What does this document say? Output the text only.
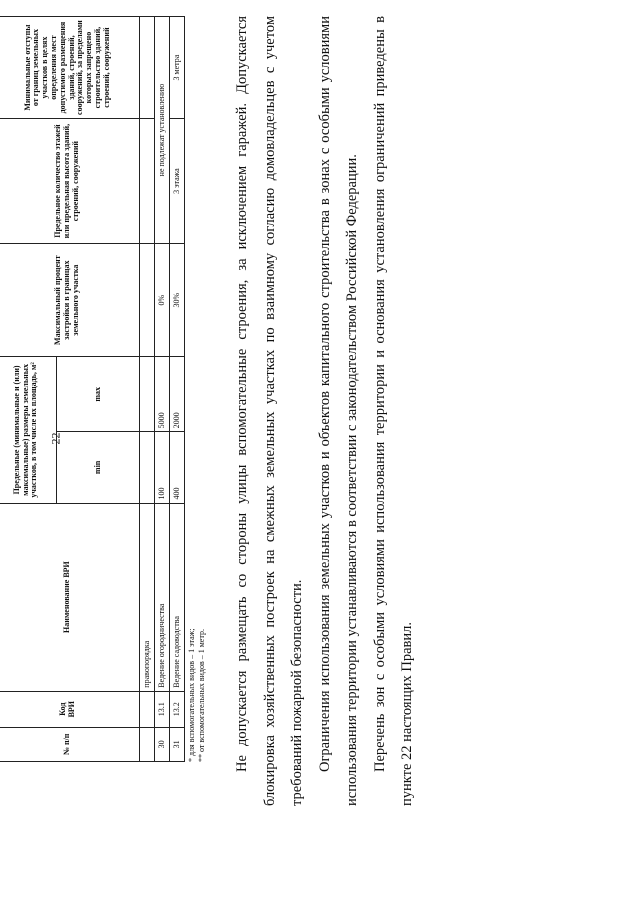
22
№ п/п	Код ВРИ	Наименование ВРИ	Предельные (минимальные и (или) максимальные) размеры земельных участков, в том числе их площадь, м²		Максимальный процент застройки в границах земельного участка	Предельное количество этажей или предельная высота зданий, строений, сооружений	Минимальные отступы от границ земельных участков в целях определения мест допустимого размещения зданий, строений, сооружений, за пределами которых запрещено строительство зданий, строений, сооружений
			min	max			
		правопорядка					
30	13.1	Ведение огородничества	100	5000	0%	не подлежат установлению	
31	13.2	Ведение садоводства	400	2000	30%	3 этажа	3 метра
* для вспомогательных видов – 1 этаж; ** от вспомогательных видов – 1 метр.	Не допускается размещать со стороны улицы вспомогательные строения, за исключением гаражей. Допускается блокировка хозяйственных построек на смежных земельных участках по взаимному согласию домовладельцев с учетом требований пожарной безопасности. Ограничения использования земельных участков и объектов капитального строительства в зонах с особыми условиями использования территории устанавливаются в соответствии с законодательством Российской Федерации. Перечень зон с особыми условиями использования территории и основания установления ограничений приведены в пункте 22 настоящих Правил.
